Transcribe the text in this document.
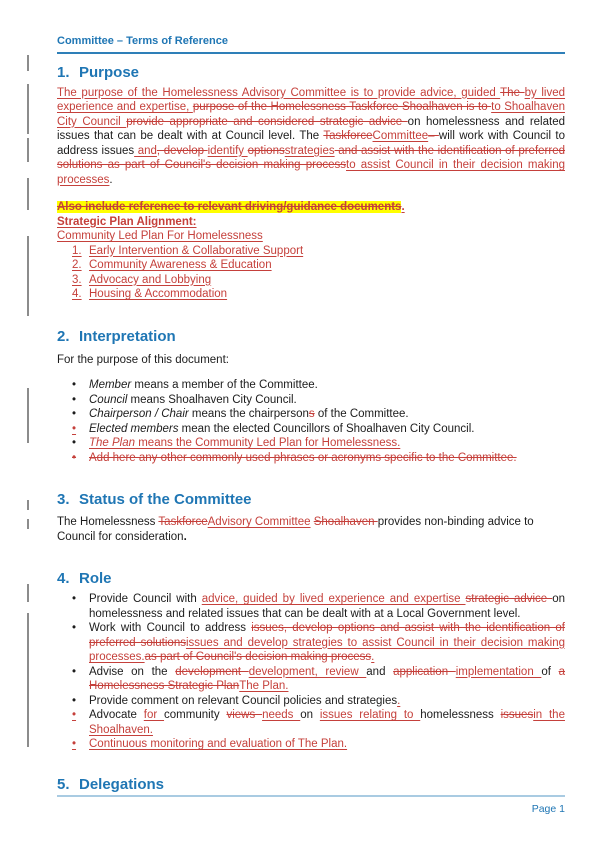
Committee – Terms of Reference
1. Purpose
The purpose of the Homelessness Advisory Committee is to provide advice, guided The by lived experience and expertise, purpose of the Homelessness Taskforce Shoalhaven is to to Shoalhaven City Council provide appropriate and considered strategic advice on homelessness and related issues that can be dealt with at Council level. The TaskforceCommittee– will work with Council to address issues and, develop identify optionsstrategies and assist with the identification of preferred solutions as part of Council's decision making processto assist Council in their decision making processes.
Also include reference to relevant driving/guidance documents.
Strategic Plan Alignment:
Community Led Plan For Homelessness
1. Early Intervention & Collaborative Support
2. Community Awareness & Education
3. Advocacy and Lobbying
4. Housing & Accommodation
2. Interpretation
For the purpose of this document:
•	Member means a member of the Committee.
•	Council means Shoalhaven City Council.
•	Chairperson / Chair means the chairpersons of the Committee.
•	Elected members mean the elected Councillors of Shoalhaven City Council.
•	The Plan means the Community Led Plan for Homelessness.
•	Add here any other commonly used phrases or acronyms specific to the Committee.
3. Status of the Committee
The Homelessness TaskforceAdvisory Committee Shoalhaven provides non-binding advice to Council for consideration.
4. Role
•	Provide Council with advice, guided by lived experience and expertise strategic advice on homelessness and related issues that can be dealt with at a Local Government level.
•	Work with Council to address issues, develop options and assist with the identification of preferred solutionsissues and develop strategies to assist Council in their decision making processes.as part of Council's decision making process.
•	Advise on the development development, review and application implementation of a Homelessness Strategic PlanThe Plan.
•	Provide comment on relevant Council policies and strategies.
•	Advocate for community views needs on issues relating to homelessness issuesin the Shoalhaven.
•	Continuous monitoring and evaluation of The Plan.
5. Delegations
Page 1
